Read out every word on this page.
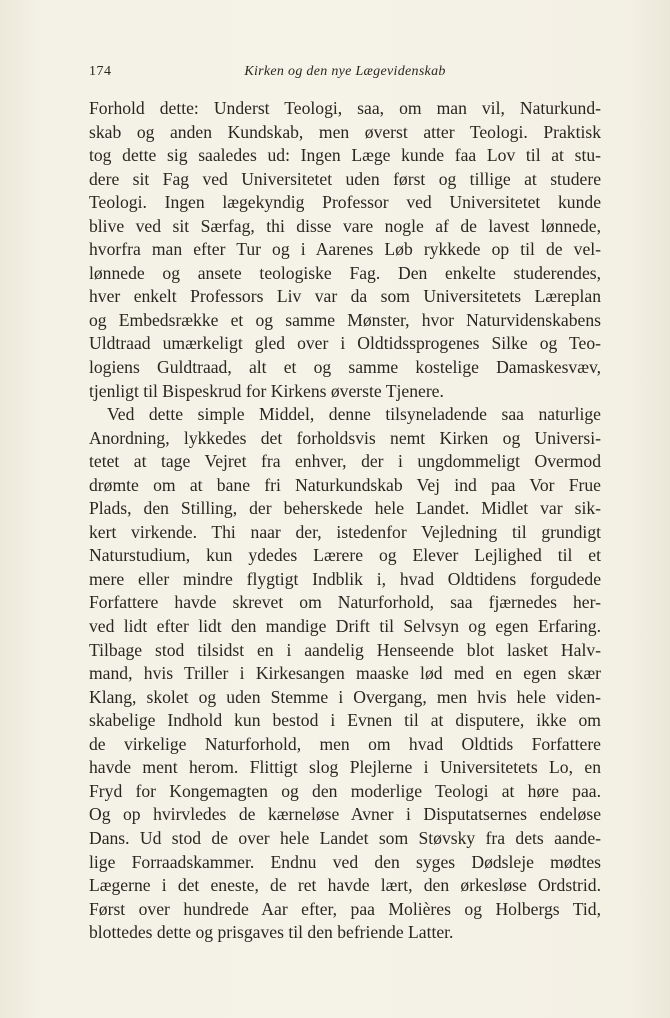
174	Kirken og den nye Lægevidenskab
Forhold dette: Underst Teologi, saa, om man vil, Naturkund-
skab og anden Kundskab, men øverst atter Teologi. Praktisk
tog dette sig saaledes ud: Ingen Læge kunde faa Lov til at stu-
dere sit Fag ved Universitetet uden først og tillige at studere
Teologi. Ingen lægekyndig Professor ved Universitetet kunde
blive ved sit Særfag, thi disse vare nogle af de lavest lønnede,
hvorfra man efter Tur og i Aarenes Løb rykkede op til de vel-
lønnede og ansete teologiske Fag. Den enkelte studerendes,
hver enkelt Professors Liv var da som Universitetets Læreplan
og Embedsrække et og samme Mønster, hvor Naturvidenskabens
Uldtraad umærkeligt gled over i Oldtidssprogenes Silke og Teo-
logiens Guldtraad, alt et og samme kostelige Damaskesvæv,
tjenligt til Bispeskrud for Kirkens øverste Tjenere.
Ved dette simple Middel, denne tilsyneladende saa naturlige
Anordning, lykkedes det forholdsvis nemt Kirken og Universi-
tetet at tage Vejret fra enhver, der i ungdommeligt Overmod
drømte om at bane fri Naturkundskab Vej ind paa Vor Frue
Plads, den Stilling, der beherskede hele Landet. Midlet var sik-
kert virkende. Thi naar der, istedenfor Vejledning til grundigt
Naturstudium, kun ydedes Lærere og Elever Lejlighed til et
mere eller mindre flygtigt Indblik i, hvad Oldtidens forgudede
Forfattere havde skrevet om Naturforhold, saa fjærnedes her-
ved lidt efter lidt den mandige Drift til Selvsyn og egen Erfaring.
Tilbage stod tilsidst en i aandelig Henseende blot lasket Halv-
mand, hvis Triller i Kirkesangen maaske lød med en egen skær
Klang, skolet og uden Stemme i Overgang, men hvis hele viden-
skabelige Indhold kun bestod i Evnen til at disputere, ikke om
de virkelige Naturforhold, men om hvad Oldtids Forfattere
havde ment herom. Flittigt slog Plejlerne i Universitetets Lo, en
Fryd for Kongemagten og den moderlige Teologi at høre paa.
Og op hvirvledes de kærneløse Avner i Disputatsernes endeløse
Dans. Ud stod de over hele Landet som Støvsky fra dets aande-
lige Forraadskammer. Endnu ved den syges Dødsleje mødtes
Lægerne i det eneste, de ret havde lært, den ørkesløse Ordstrid.
Først over hundrede Aar efter, paa Molières og Holbergs Tid,
blottedes dette og prisgaves til den befriende Latter.
